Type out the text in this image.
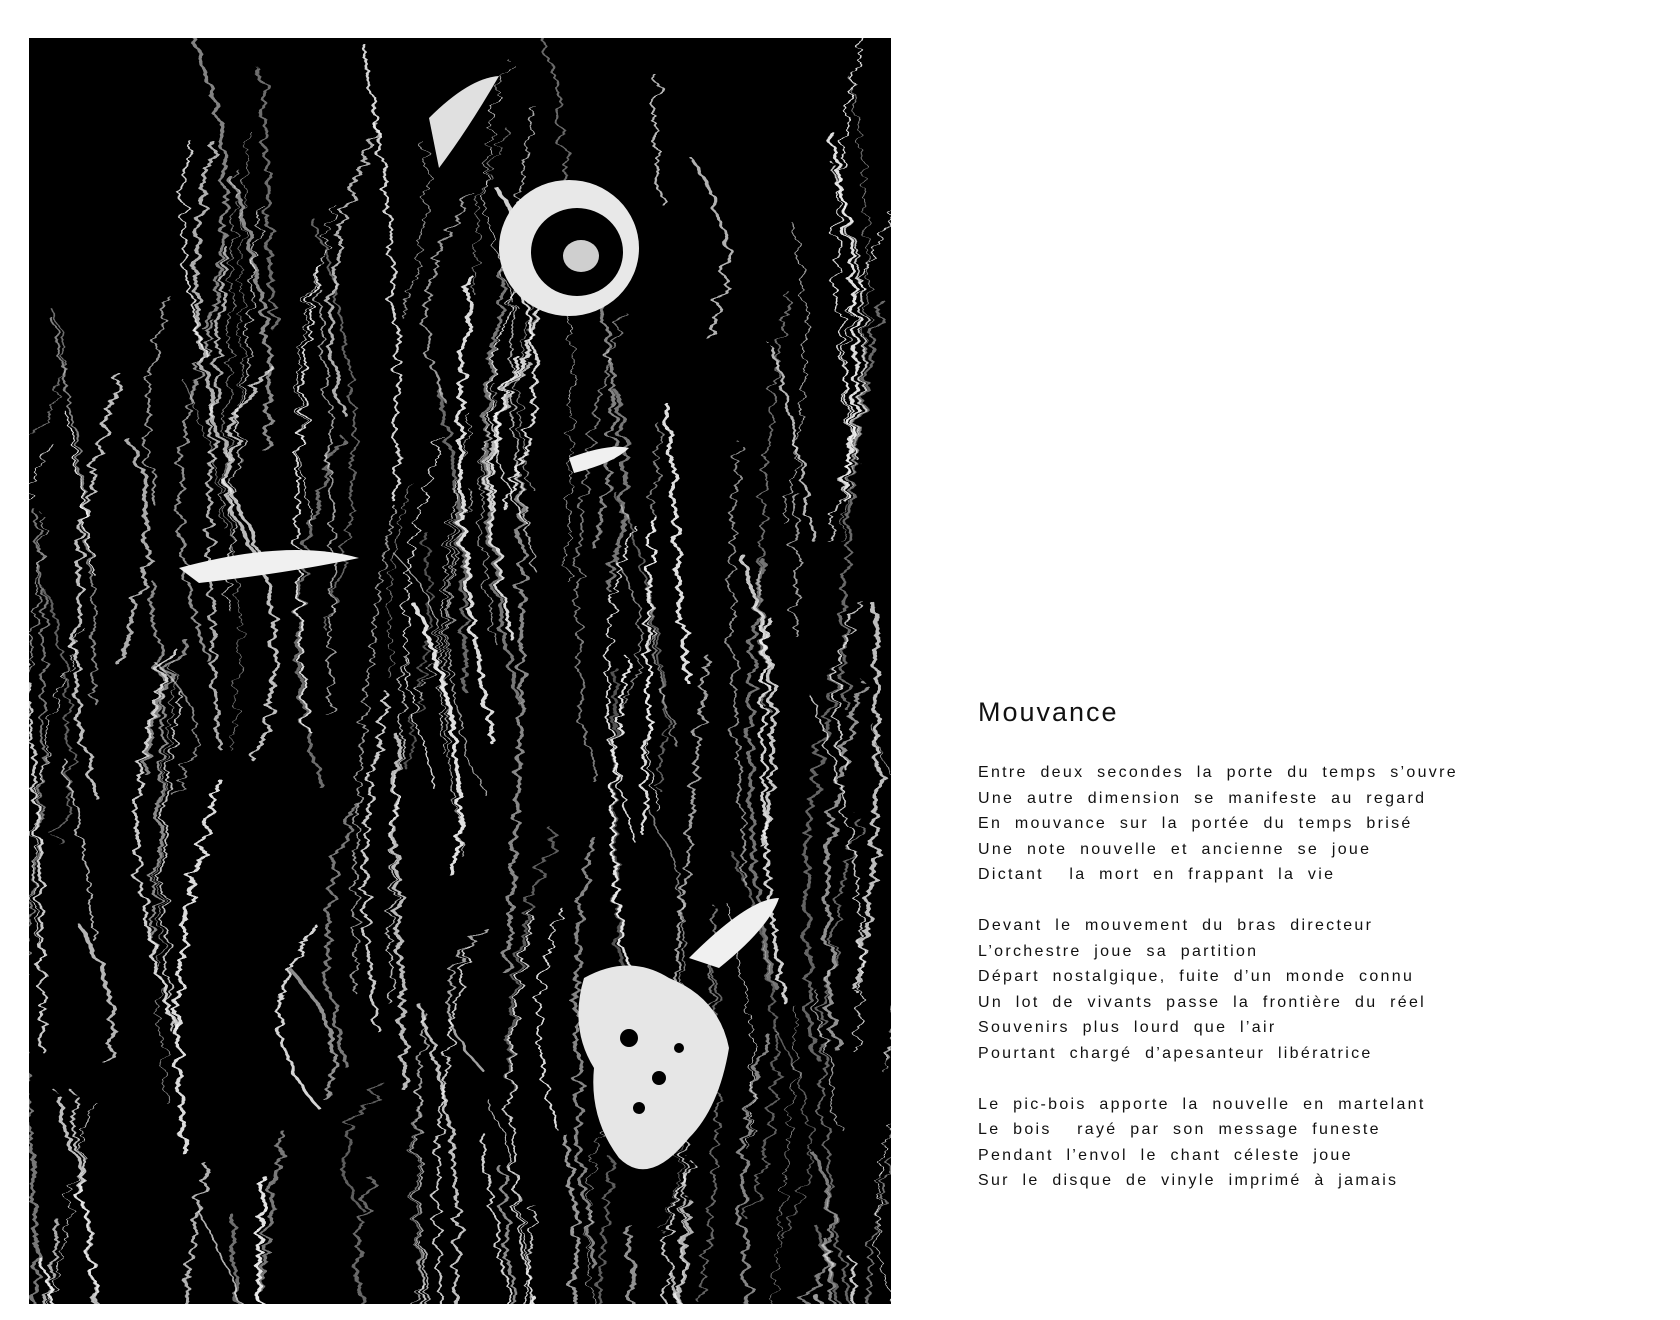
Mouvance
Entre deux secondes la porte du temps s’ouvre
Une autre dimension se manifeste au regard
En mouvance sur la portée du temps brisé
Une note nouvelle et ancienne se joue
Dictant  la mort en frappant la vie
Devant le mouvement du bras directeur
L’orchestre joue sa partition
Départ nostalgique, fuite d’un monde connu
Un lot de vivants passe la frontière du réel
Souvenirs plus lourd que l’air
Pourtant chargé d’apesanteur libératrice
Le pic-bois apporte la nouvelle en martelant
Le bois  rayé par son message funeste
Pendant l’envol le chant céleste joue
Sur le disque de vinyle imprimé à jamais
